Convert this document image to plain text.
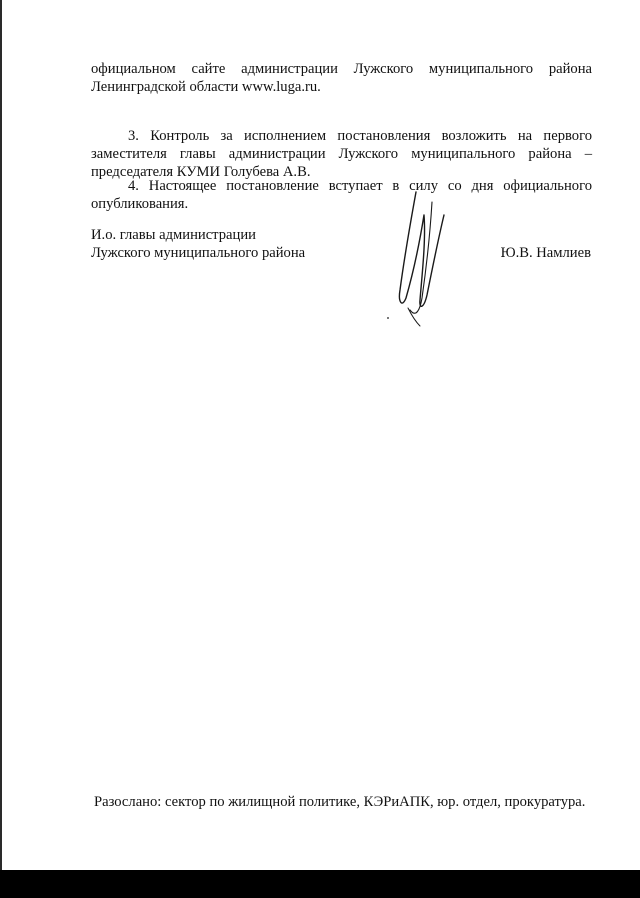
официальном сайте администрации Лужского муниципального района
Ленинградской области www.luga.ru.
3. Контроль за исполнением постановления возложить на первого
заместителя главы администрации Лужского муниципального района –
председателя КУМИ Голубева А.В.
4. Настоящее постановление вступает в силу со дня официального
опубликования.
И.о. главы администрации
Лужского муниципального района	Ю.В. Намлиев
Разослано: сектор по жилищной политике, КЭРиАПК, юр. отдел, прокуратура.
